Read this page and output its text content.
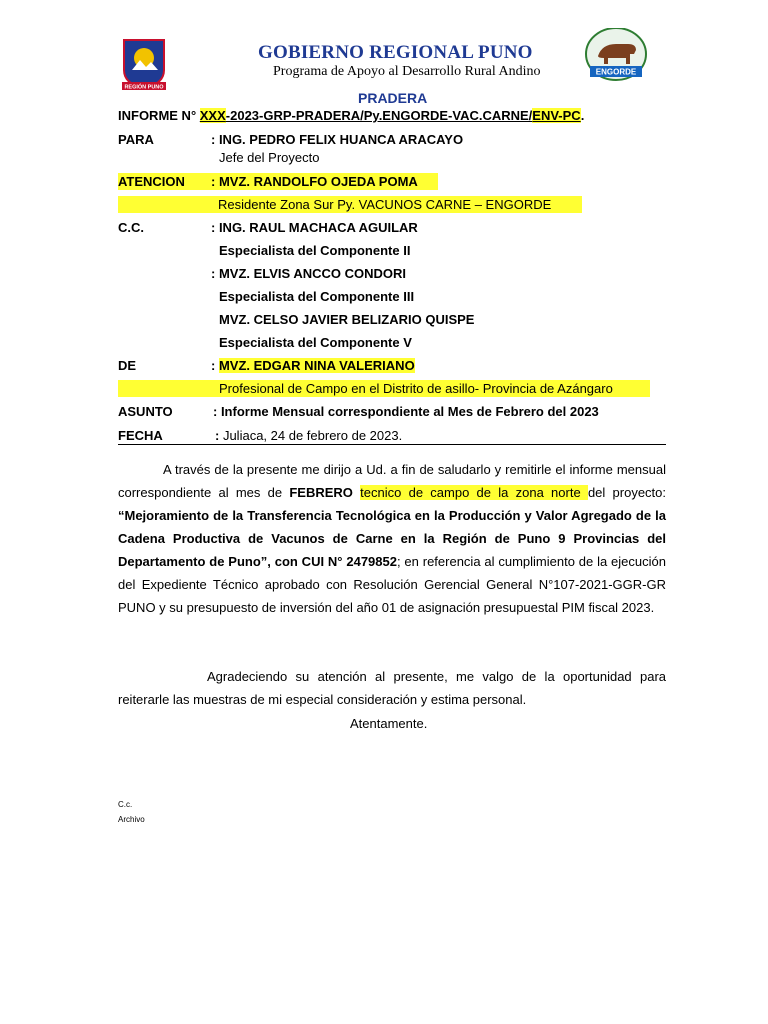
REGIÓN PUNO
ENGORDE
GOBIERNO REGIONAL PUNO
Programa de Apoyo al Desarrollo Rural Andino
PRADERA
INFORME N° XXX-2023-GRP-PRADERA/Py.ENGORDE-VAC.CARNE/ENV-PC.
PARA	: ING. PEDRO FELIX HUANCA ARACAYO
Jefe del Proyecto
ATENCION : MVZ. RANDOLFO OJEDA POMA
Residente Zona Sur Py. VACUNOS CARNE – ENGORDE
C.C.	: ING. RAUL MACHACA AGUILAR
Especialista del Componente II
: MVZ. ELVIS ANCCO CONDORI
Especialista del Componente III
MVZ. CELSO JAVIER BELIZARIO QUISPE
Especialista del Componente V
DE	: MVZ. EDGAR NINA VALERIANO
Profesional de Campo en el Distrito de asillo- Provincia de Azángaro
ASUNTO	: Informe Mensual correspondiente al Mes de Febrero del 2023
FECHA	: Juliaca, 24 de febrero de 2023.
A través de la presente me dirijo a Ud. a fin de saludarlo y remitirle el informe mensual correspondiente al mes de FEBRERO tecnico de campo de la zona norte del proyecto: “Mejoramiento de la Transferencia Tecnológica en la Producción y Valor Agregado de la Cadena Productiva de Vacunos de Carne en la Región de Puno 9 Provincias del Departamento de Puno”, con CUI N° 2479852; en referencia al cumplimiento de la ejecución del Expediente Técnico aprobado con Resolución Gerencial General N°107-2021-GGR-GR PUNO y su presupuesto de inversión del año 01 de asignación presupuestal PIM fiscal 2023.
Agradeciendo su atención al presente, me valgo de la oportunidad para reiterarle las muestras de mi especial consideración y estima personal.
Atentamente.
C.c.
Archivo
